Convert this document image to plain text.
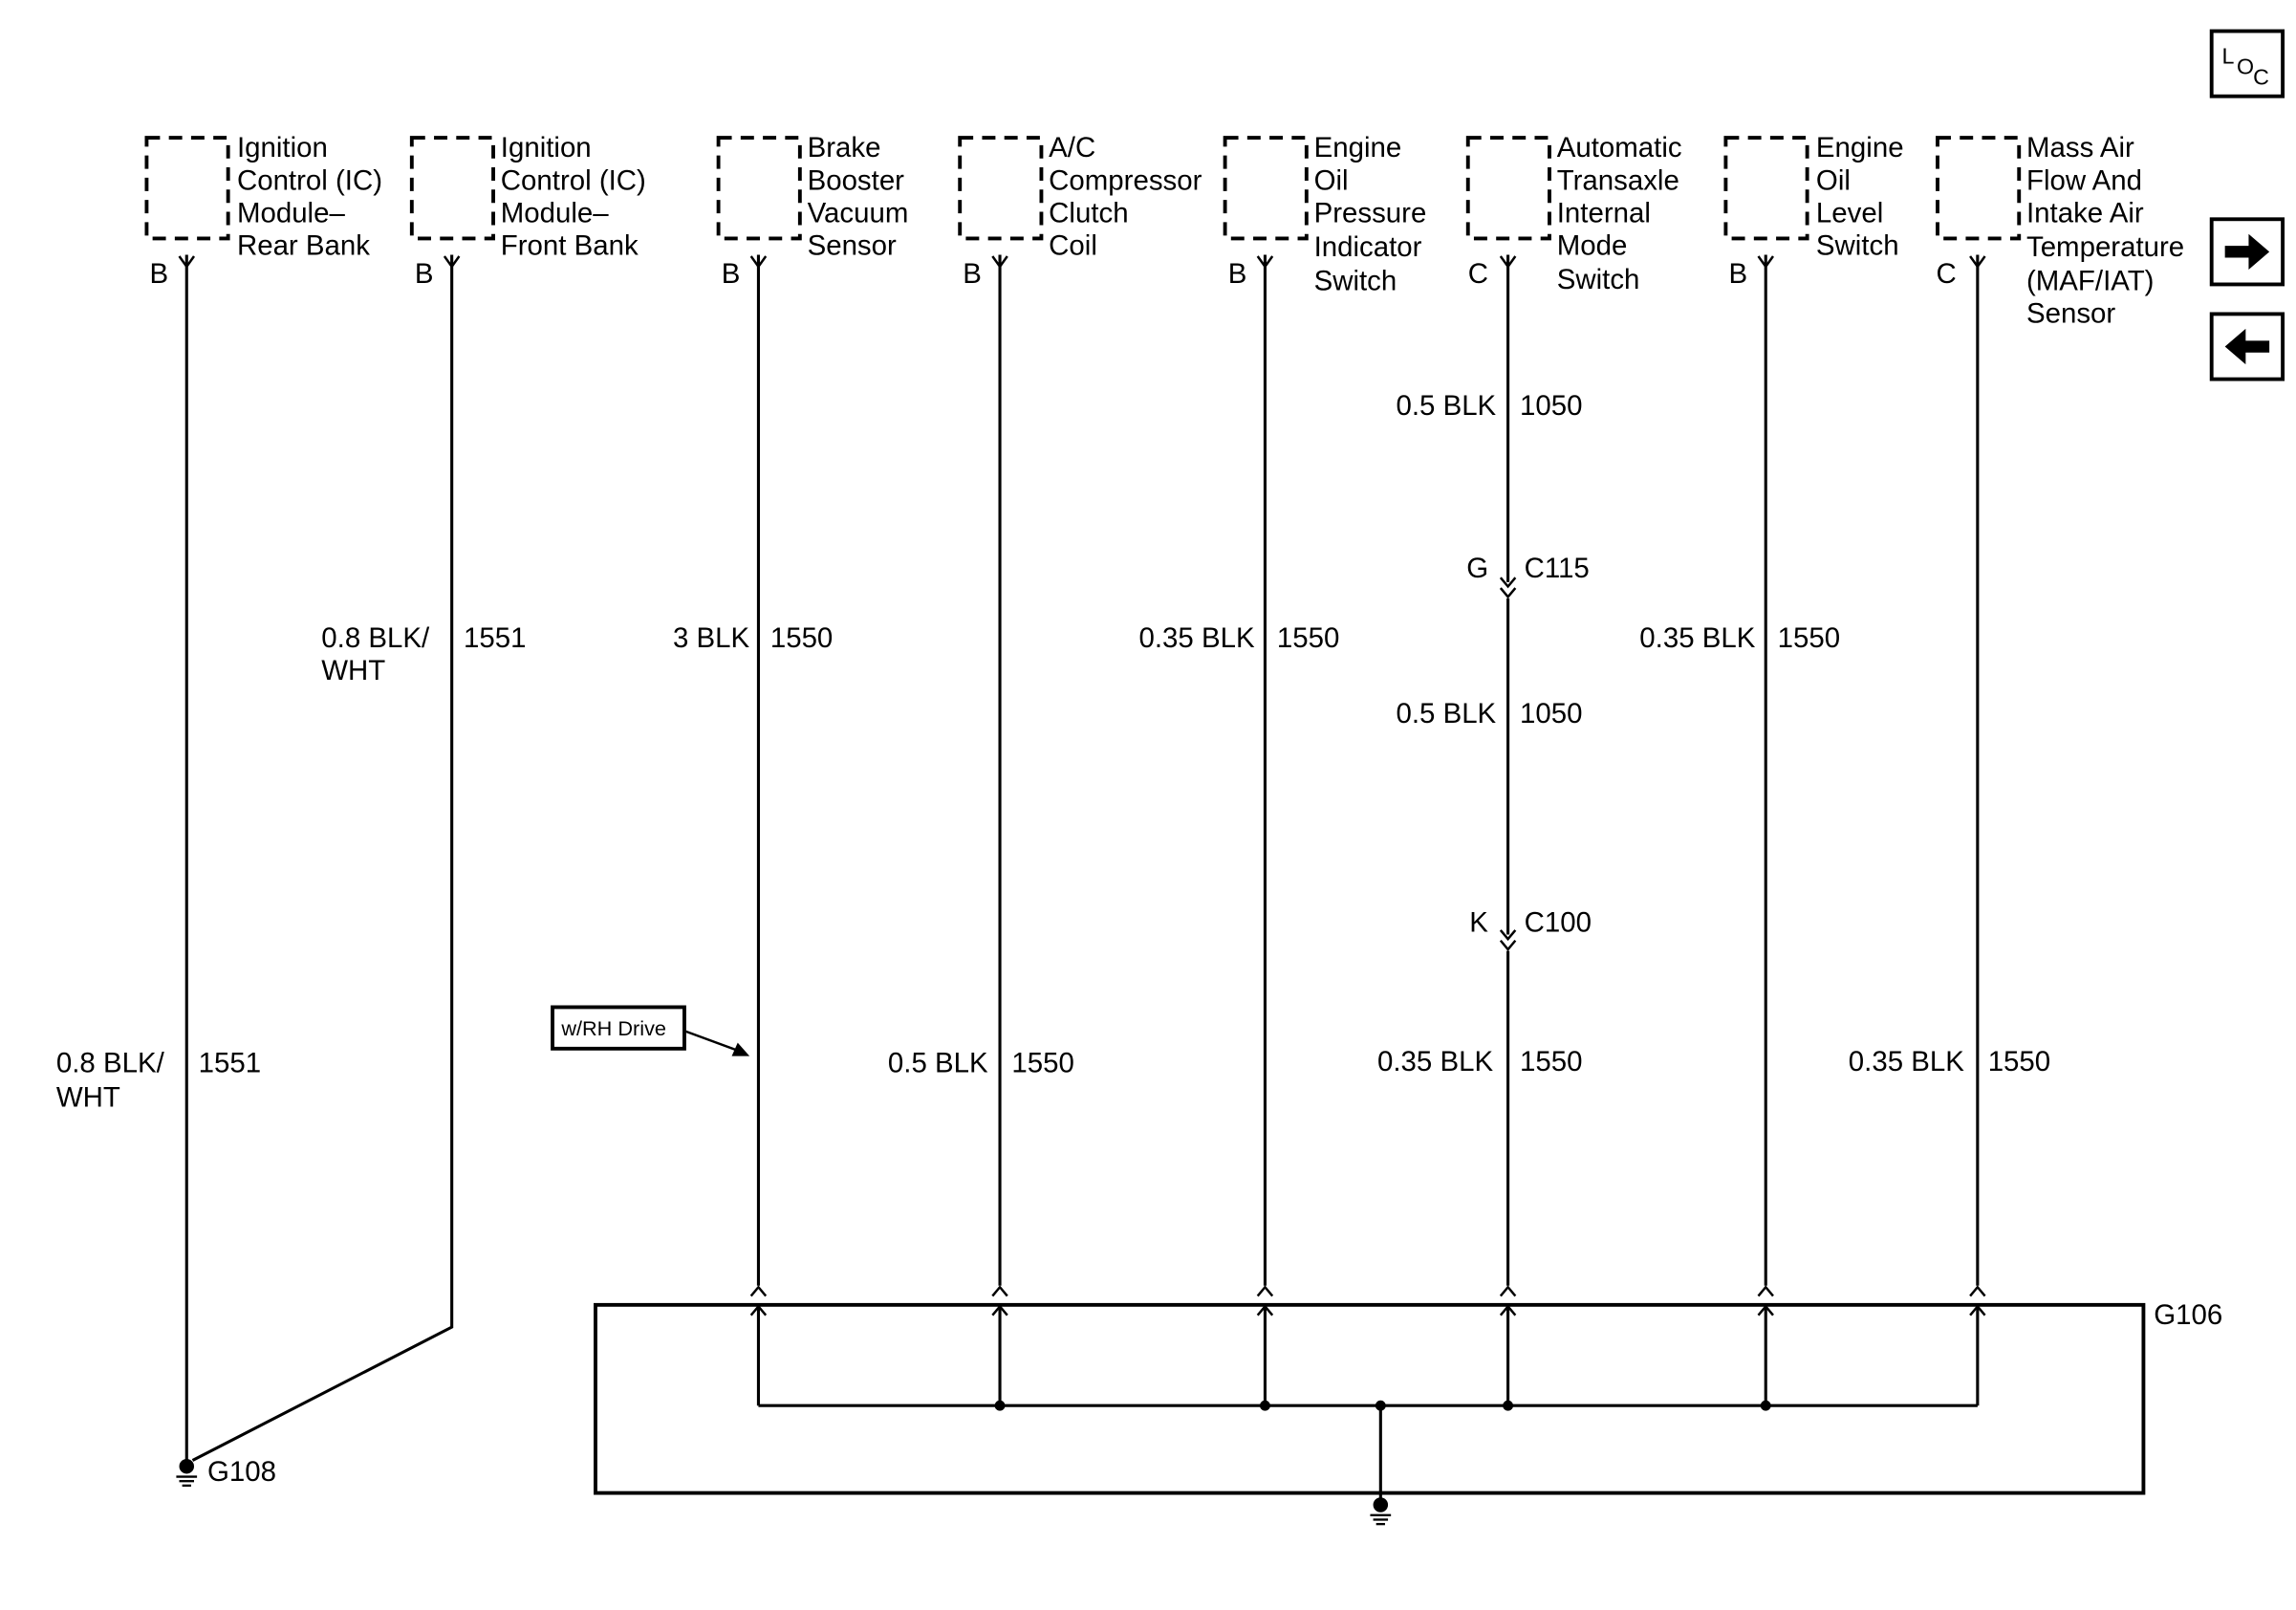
L O
C
Ignition Control (IC) Module– Rear Bank
Ignition Control (IC) Module– Front Bank
Brake Booster Vacuum Sensor
A/C Compressor Clutch Coil
Engine Oil Pressure Indicator Switch
Automatic Transaxle Internal Mode Switch
Engine Oil Level Switch
Mass Air Flow And Intake Air Temperature (MAF/IAT) Sensor
B	B	B	B	B	C	B	C
G C115
K C100
0.8 BLK/ WHT
1551
0.8 BLK/ WHT
1551	3 BLK 1550	0.35 BLK 1550
0.5 BLK 1050
0.5 BLK 1050
0.35 BLK 1550
0.5 BLK 1550	0.35 BLK 1550	0.35 BLK 1550
w/RH Drive
G106
G108
